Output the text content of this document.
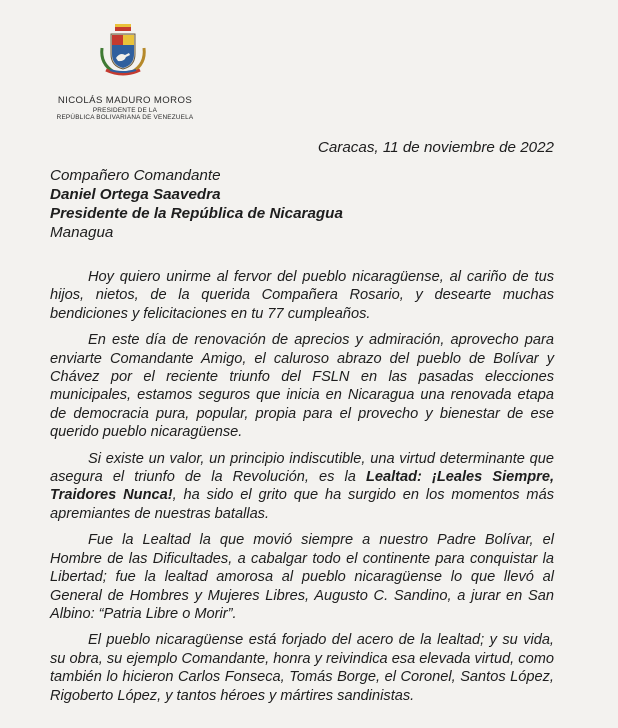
NICOLÁS MADURO MOROS
PRESIDENTE DE LA
REPÚBLICA BOLIVARIANA DE VENEZUELA
Caracas, 11 de noviembre de 2022
Compañero Comandante
Daniel Ortega Saavedra
Presidente de la República de Nicaragua
Managua

Hoy quiero unirme al fervor del pueblo nicaragüense, al cariño de tus hijos, nietos, de la querida Compañera Rosario, y desearte muchas bendiciones y felicitaciones en tu 77 cumpleaños.

En este día de renovación de aprecios y admiración, aprovecho para enviarte Comandante Amigo, el caluroso abrazo del pueblo de Bolívar y Chávez por el reciente triunfo del FSLN en las pasadas elecciones municipales, estamos seguros que inicia en Nicaragua una renovada etapa de democracia pura, popular, propia para el provecho y bienestar de ese querido pueblo nicaragüense.

Si existe un valor, un principio indiscutible, una virtud determinante que asegura el triunfo de la Revolución, es la Lealtad: ¡Leales Siempre, Traidores Nunca!, ha sido el grito que ha surgido en los momentos más apremiantes de nuestras batallas.

Fue la Lealtad la que movió siempre a nuestro Padre Bolívar, el Hombre de las Dificultades, a cabalgar todo el continente para conquistar la Libertad; fue la lealtad amorosa al pueblo nicaragüense lo que llevó al General de Hombres y Mujeres Libres, Augusto C. Sandino, a jurar en San Albino: “Patria Libre o Morir”.

El pueblo nicaragüense está forjado del acero de la lealtad; y su vida, su obra, su ejemplo Comandante, honra y reivindica esa elevada virtud, como también lo hicieron Carlos Fonseca, Tomás Borge, el Coronel, Santos López, Rigoberto López, y tantos héroes y mártires sandinistas.
